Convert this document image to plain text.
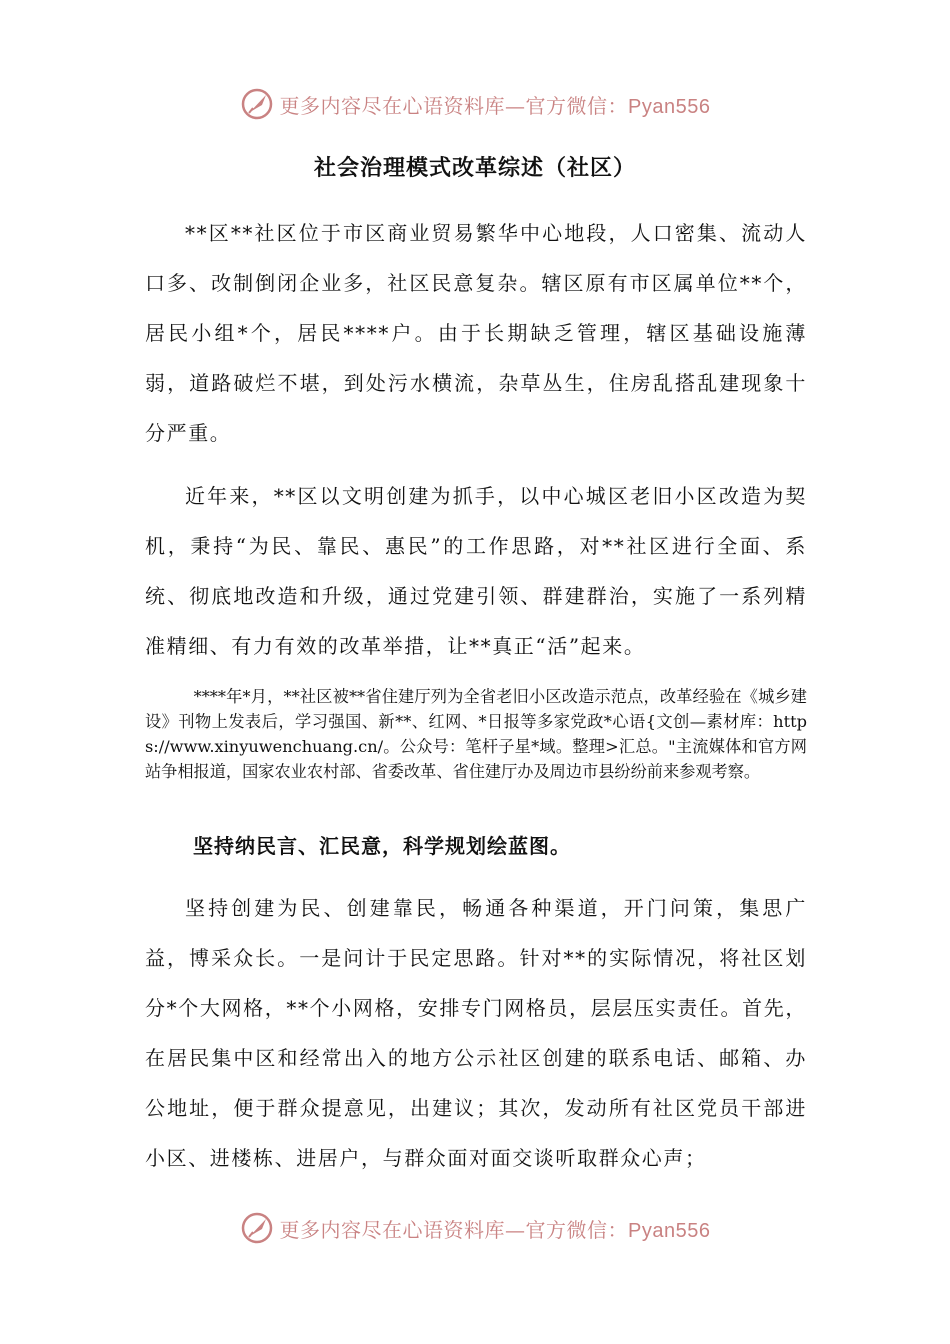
更多内容尽在心语资料库—官方微信：Pyan556
社会治理模式改革综述（社区）

**区**社区位于市区商业贸易繁华中心地段，人口密集、流动人口多、改制倒闭企业多，社区民意复杂。辖区原有市区属单位**个，居民小组*个，居民****户。由于长期缺乏管理，辖区基础设施薄弱，道路破烂不堪，到处污水横流，杂草丛生，住房乱搭乱建现象十分严重。

近年来，**区以文明创建为抓手，以中心城区老旧小区改造为契机，秉持“为民、靠民、惠民”的工作思路，对**社区进行全面、系统、彻底地改造和升级，通过党建引领、群建群治，实施了一系列精准精细、有力有效的改革举措，让**真正“活”起来。

****年*月，**社区被**省住建厅列为全省老旧小区改造示范点，改革经验在《城乡建设》刊物上发表后，学习强国、新**、红网、*日报等多家党政*心语{文创—素材库：https://www.xinyuwenchuang.cn/。公众号：笔杆子星*域。整理>汇总。"主流媒体和官方网站争相报道，国家农业农村部、省委改革、省住建厅办及周边市县纷纷前来参观考察。

坚持纳民言、汇民意，科学规划绘蓝图。

坚持创建为民、创建靠民，畅通各种渠道，开门问策，集思广益，博采众长。一是问计于民定思路。针对**的实际情况，将社区划分*个大网格，**个小网格，安排专门网格员，层层压实责任。首先，在居民集中区和经常出入的地方公示社区创建的联系电话、邮箱、办公地址，便于群众提意见，出建议；其次，发动所有社区党员干部进小区、进楼栋、进居户，与群众面对面交谈听取群众心声；

更多内容尽在心语资料库—官方微信：Pyan556
